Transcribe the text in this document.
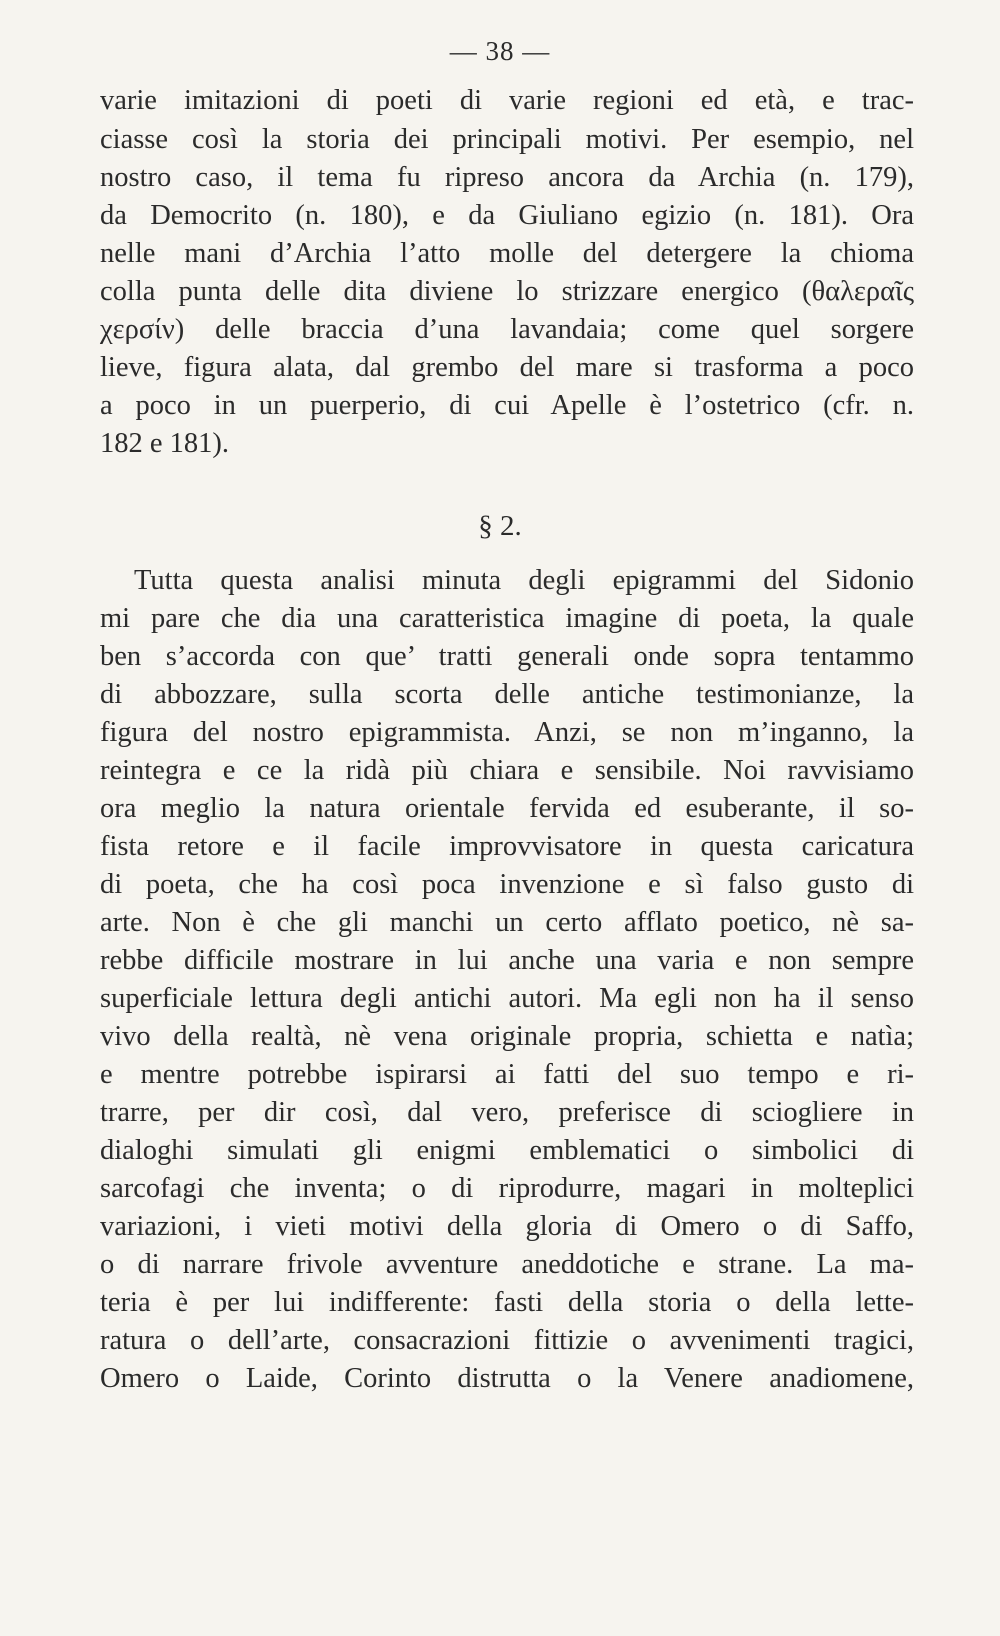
— 38 —
varie imitazioni di poeti di varie regioni ed età, e trac-
ciasse così la storia dei principali motivi. Per esempio, nel
nostro caso, il tema fu ripreso ancora da Archia (n. 179),
da Democrito (n. 180), e da Giuliano egizio (n. 181). Ora
nelle mani d’Archia l’atto molle del detergere la chioma
colla punta delle dita diviene lo strizzare energico (θαλεραῖς
χερσίν) delle braccia d’una lavandaia; come quel sorgere
lieve, figura alata, dal grembo del mare si trasforma a poco
a poco in un puerperio, di cui Apelle è l’ostetrico (cfr. n.
182 e 181).
§ 2.
Tutta questa analisi minuta degli epigrammi del Sidonio
mi pare che dia una caratteristica imagine di poeta, la quale
ben s’accorda con que’ tratti generali onde sopra tentammo
di abbozzare, sulla scorta delle antiche testimonianze, la
figura del nostro epigrammista. Anzi, se non m’inganno, la
reintegra e ce la ridà più chiara e sensibile. Noi ravvisiamo
ora meglio la natura orientale fervida ed esuberante, il so-
fista retore e il facile improvvisatore in questa caricatura
di poeta, che ha così poca invenzione e sì falso gusto di
arte. Non è che gli manchi un certo afflato poetico, nè sa-
rebbe difficile mostrare in lui anche una varia e non sempre
superficiale lettura degli antichi autori. Ma egli non ha il senso
vivo della realtà, nè vena originale propria, schietta e natìa;
e mentre potrebbe ispirarsi ai fatti del suo tempo e ri-
trarre, per dir così, dal vero, preferisce di sciogliere in
dialoghi simulati gli enigmi emblematici o simbolici di
sarcofagi che inventa; o di riprodurre, magari in molteplici
variazioni, i vieti motivi della gloria di Omero o di Saffo,
o di narrare frivole avventure aneddotiche e strane. La ma-
teria è per lui indifferente: fasti della storia o della lette-
ratura o dell’arte, consacrazioni fittizie o avvenimenti tragici,
Omero o Laide, Corinto distrutta o la Venere anadiomene,
